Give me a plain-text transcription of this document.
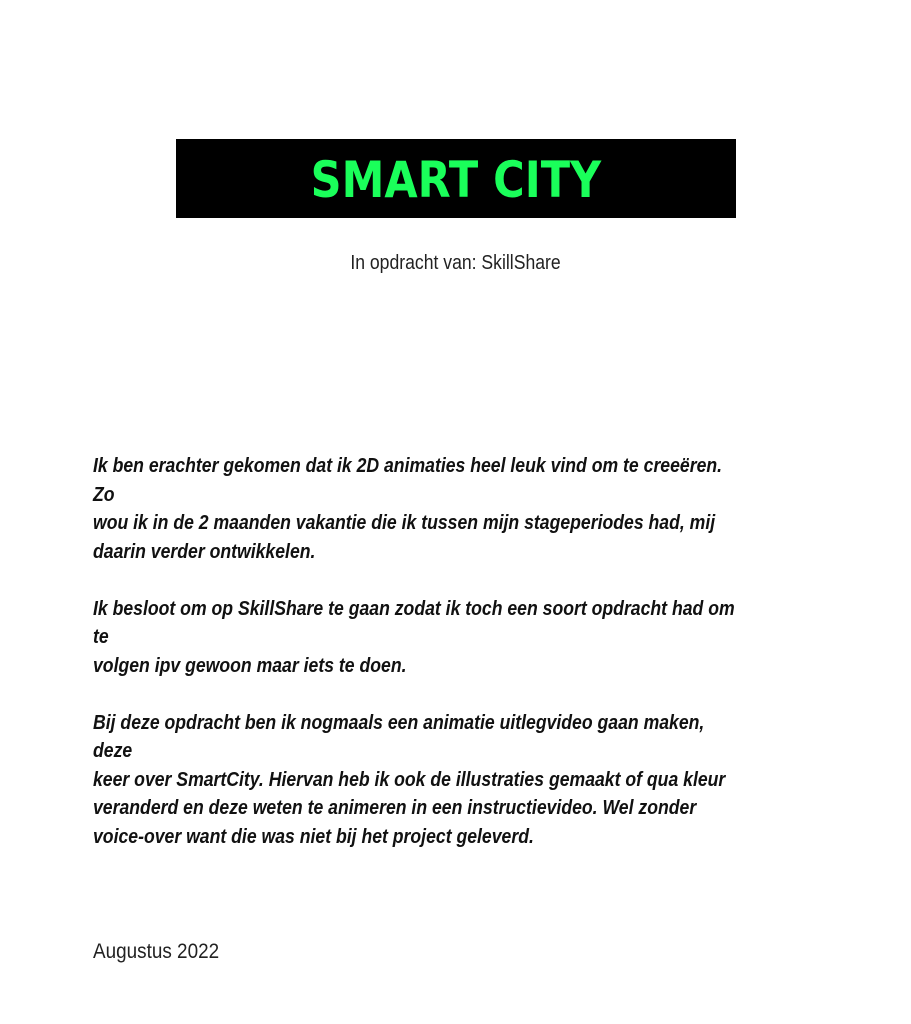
SMART CITY
In opdracht van: SkillShare

Ik ben erachter gekomen dat ik 2D animaties heel leuk vind om te creeëren. Zo
wou ik in de 2 maanden vakantie die ik tussen mijn stageperiodes had, mij
daarin verder ontwikkelen.

Ik besloot om op SkillShare te gaan zodat ik toch een soort opdracht had om te
volgen ipv gewoon maar iets te doen.

Bij deze opdracht ben ik nogmaals een animatie uitlegvideo gaan maken, deze
keer over SmartCity. Hiervan heb ik ook de illustraties gemaakt of qua kleur
veranderd en deze weten te animeren in een instructievideo. Wel zonder
voice-over want die was niet bij het project geleverd.

Augustus 2022
